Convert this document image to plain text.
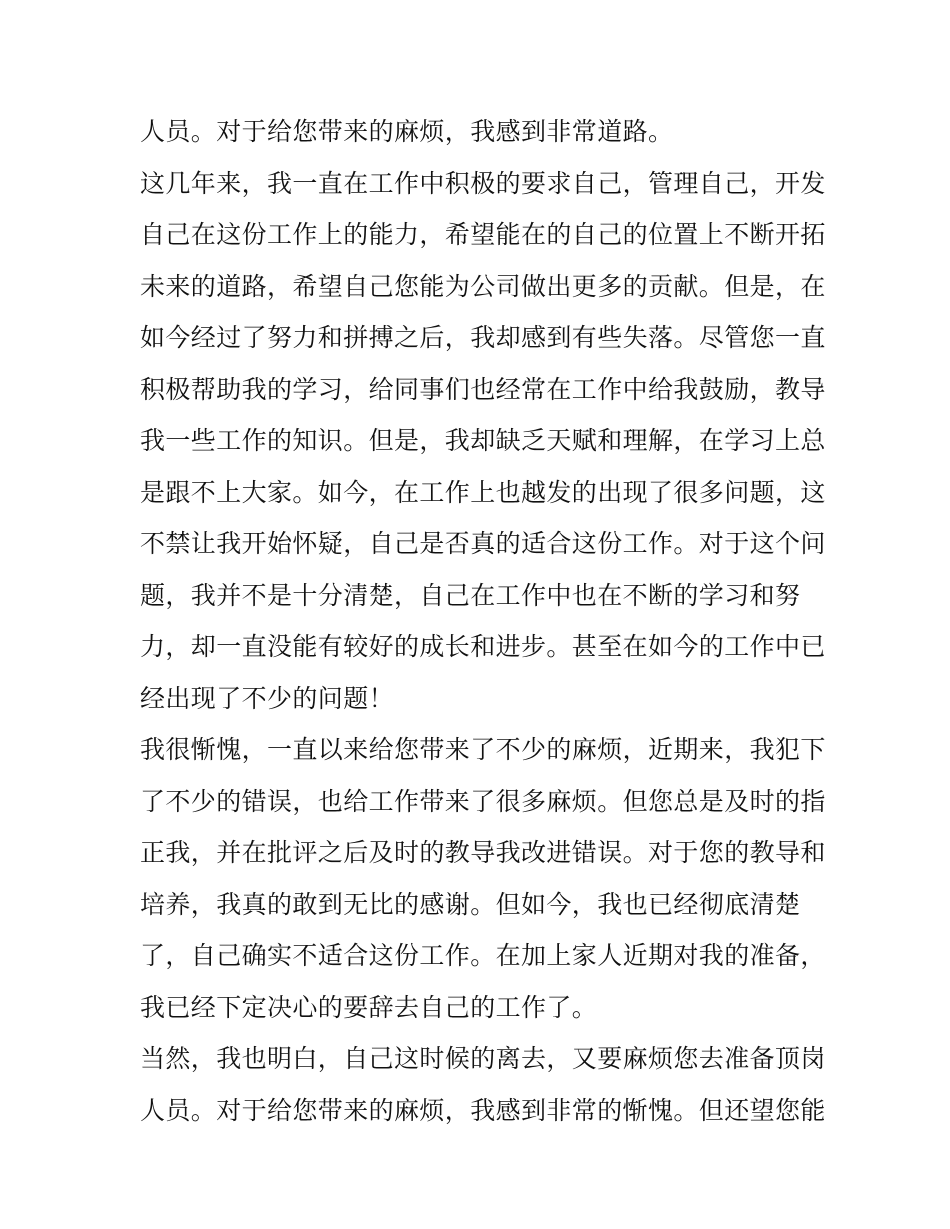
人员。对于给您带来的麻烦，我感到非常道路。
这几年来，我一直在工作中积极的要求自己，管理自己，开发
自己在这份工作上的能力，希望能在的自己的位置上不断开拓
未来的道路，希望自己您能为公司做出更多的贡献。但是，在
如今经过了努力和拼搏之后，我却感到有些失落。尽管您一直
积极帮助我的学习，给同事们也经常在工作中给我鼓励，教导
我一些工作的知识。但是，我却缺乏天赋和理解，在学习上总
是跟不上大家。如今，在工作上也越发的出现了很多问题，这
不禁让我开始怀疑，自己是否真的适合这份工作。对于这个问
题，我并不是十分清楚，自己在工作中也在不断的学习和努
力，却一直没能有较好的成长和进步。甚至在如今的工作中已
经出现了不少的问题！
我很惭愧，一直以来给您带来了不少的麻烦，近期来，我犯下
了不少的错误，也给工作带来了很多麻烦。但您总是及时的指
正我，并在批评之后及时的教导我改进错误。对于您的教导和
培养，我真的敢到无比的感谢。但如今，我也已经彻底清楚
了，自己确实不适合这份工作。在加上家人近期对我的准备，
我已经下定决心的要辞去自己的工作了。
当然，我也明白，自己这时候的离去，又要麻烦您去准备顶岗
人员。对于给您带来的麻烦，我感到非常的惭愧。但还望您能
